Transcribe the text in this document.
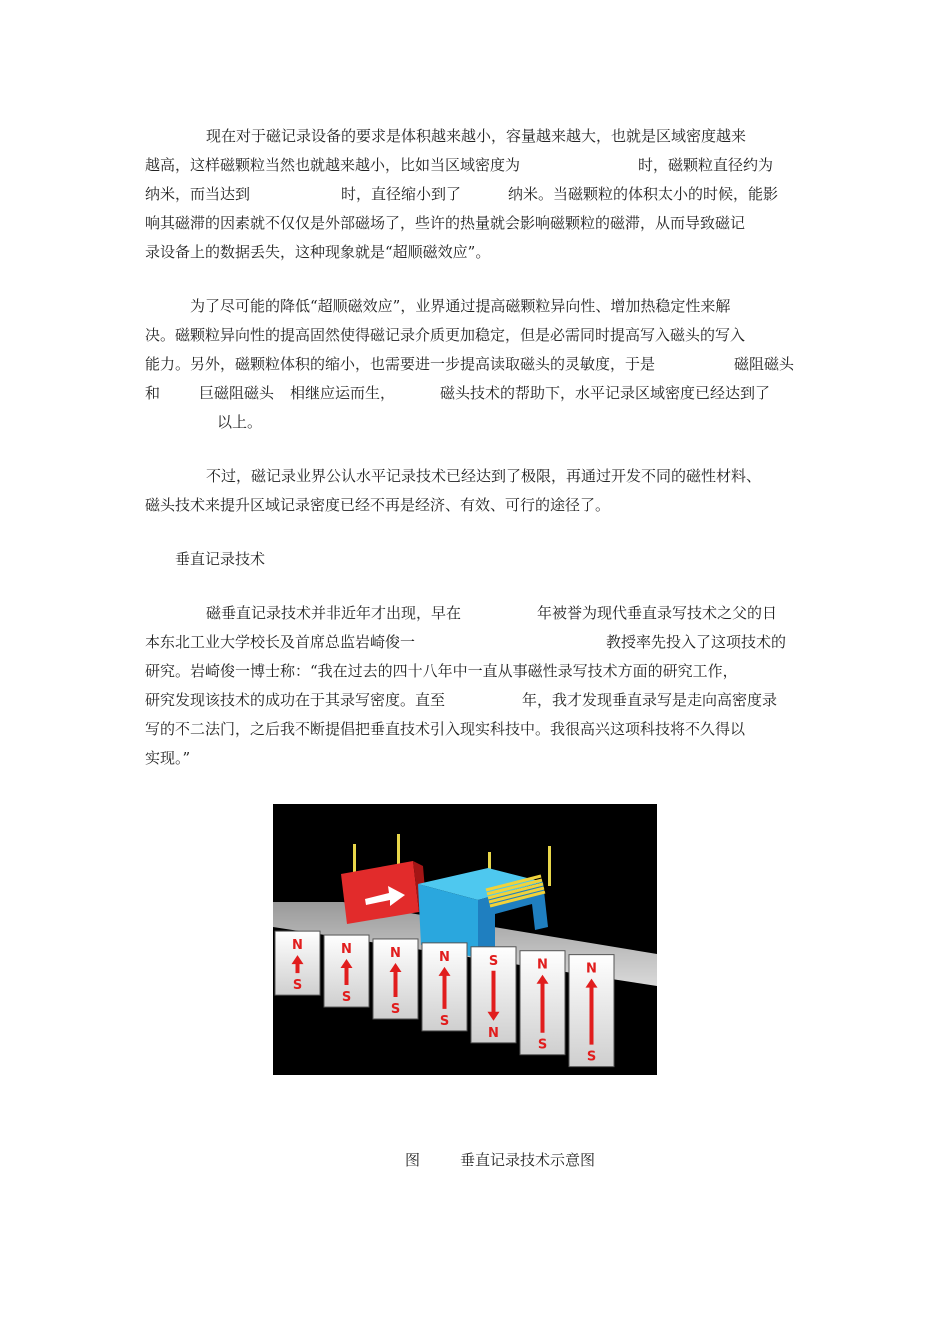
现在对于磁记录设备的要求是体积越来越小，容量越来越大，也就是区域密度越来
越高，这样磁颗粒当然也就越来越小，比如当区域密度为	时，磁颗粒直径约为
纳米，而当达到	时，直径缩小到了	纳米。当磁颗粒的体积太小的时候，能影
响其磁滞的因素就不仅仅是外部磁场了，些许的热量就会影响磁颗粒的磁滞，从而导致磁记
录设备上的数据丢失，这种现象就是“超顺磁效应”。
为了尽可能的降低“超顺磁效应”，业界通过提高磁颗粒异向性、增加热稳定性来解
决。磁颗粒异向性的提高固然使得磁记录介质更加稳定，但是必需同时提高写入磁头的写入
能力。另外，磁颗粒体积的缩小，也需要进一步提高读取磁头的灵敏度，于是	磁阻磁头
和	巨磁阻磁头 相继应运而生，	磁头技术的帮助下，水平记录区域密度已经达到了
以上。
不过，磁记录业界公认水平记录技术已经达到了极限，再通过开发不同的磁性材料、
磁头技术来提升区域记录密度已经不再是经济、有效、可行的途径了。
垂直记录技术
磁垂直记录技术并非近年才出现，早在	年被誉为现代垂直录写技术之父的日
本东北工业大学校长及首席总监岩崎俊一	教授率先投入了这项技术的
研究。岩崎俊一博士称：“我在过去的四十八年中一直从事磁性录写技术方面的研究工作，
研究发现该技术的成功在于其录写密度。直至	年，我才发现垂直录写是走向高密度录
写的不二法门，之后我不断提倡把垂直技术引入现实科技中。我很高兴这项科技将不久得以
实现。”
N
S
N
S
N
S
N
S
S
N
N
S
N
S
图	垂直记录技术示意图
